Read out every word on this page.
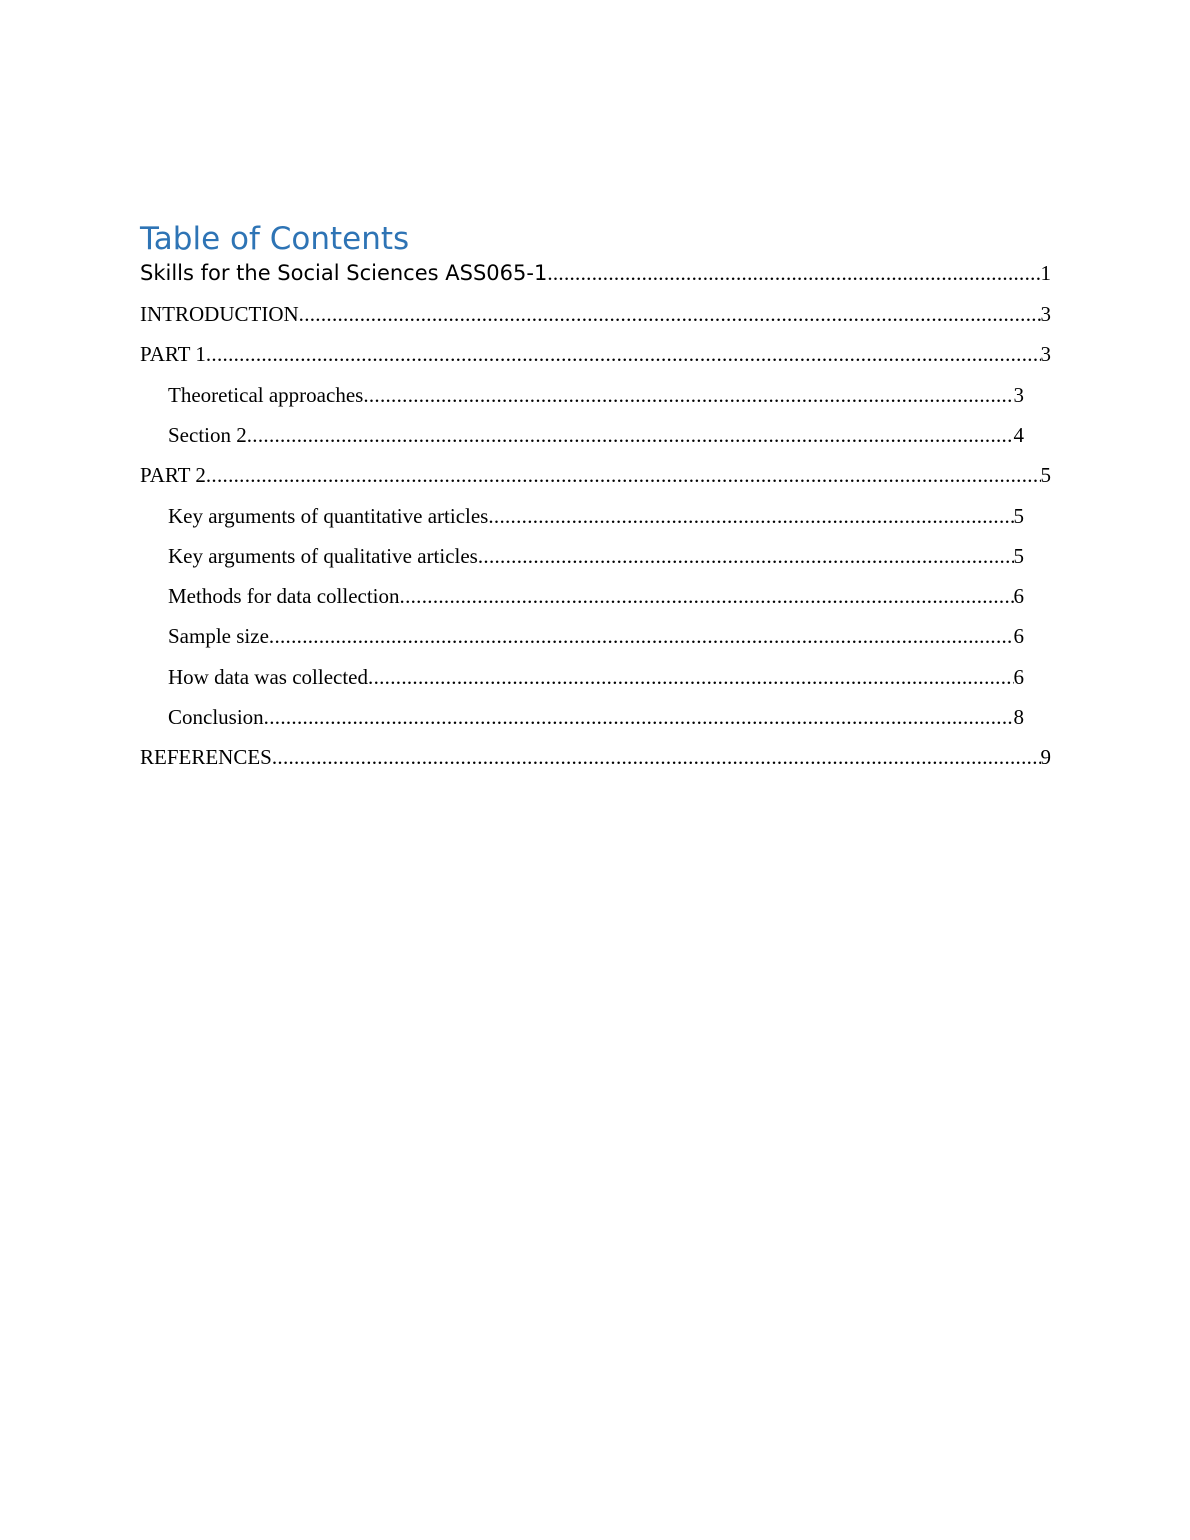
Table of Contents
Skills for the Social Sciences ASS065-1 .....	1
INTRODUCTION .....	3
PART 1 .....	3
Theoretical approaches .....	3
Section 2 .....	4
PART 2 .....	5
Key arguments of quantitative articles .....	5
Key arguments of qualitative articles .....	5
Methods for data collection .....	6
Sample size .....	6
How data was collected .....	6
Conclusion .....	8
REFERENCES .....	9
